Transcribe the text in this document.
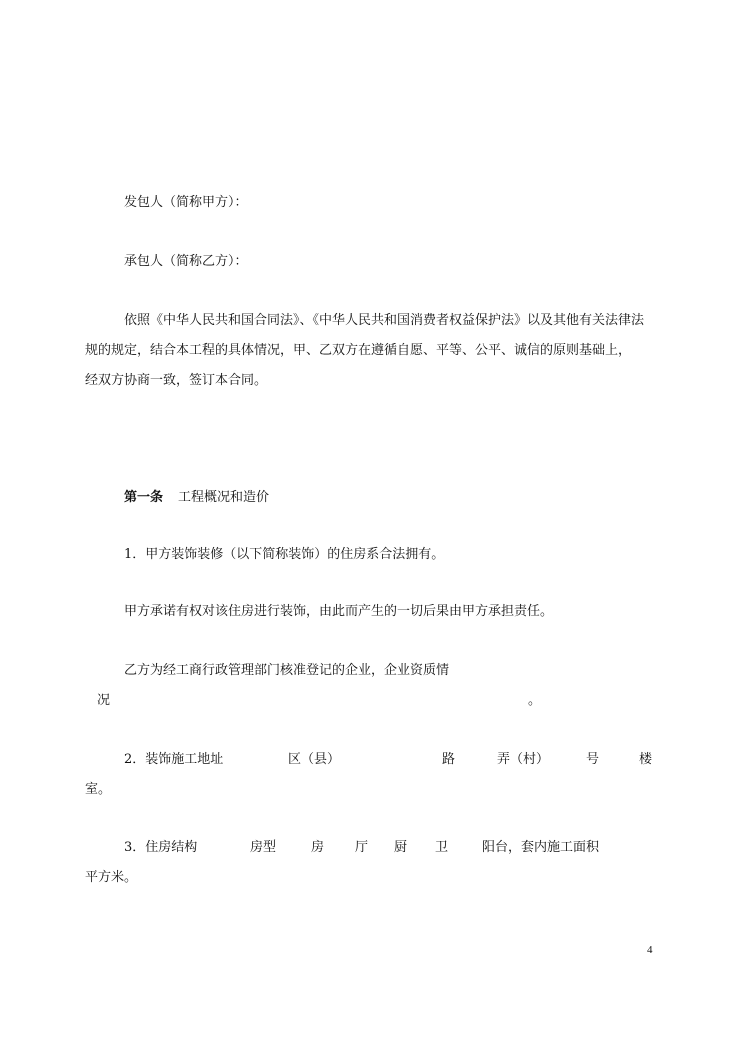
发包人（简称甲方）：
承包人（简称乙方）：
依照《中华人民共和国合同法》、《中华人民共和国消费者权益保护法》以及其他有关法律法
规的规定，结合本工程的具体情况，甲、乙双方在遵循自愿、平等、公平、诚信的原则基础上，
经双方协商一致，签订本合同。
第一条 工程概况和造价
1．甲方装饰装修（以下简称装饰）的住房系合法拥有。
甲方承诺有权对该住房进行装饰，由此而产生的一切后果由甲方承担责任。
乙方为经工商行政管理部门核准登记的企业，企业资质情
况	。
2．装饰施工地址	区（县）	路	弄（村）	号	楼
室。
3．住房结构	房型	房 厅 厨 卫	阳台，套内施工面积
平方米。
4
